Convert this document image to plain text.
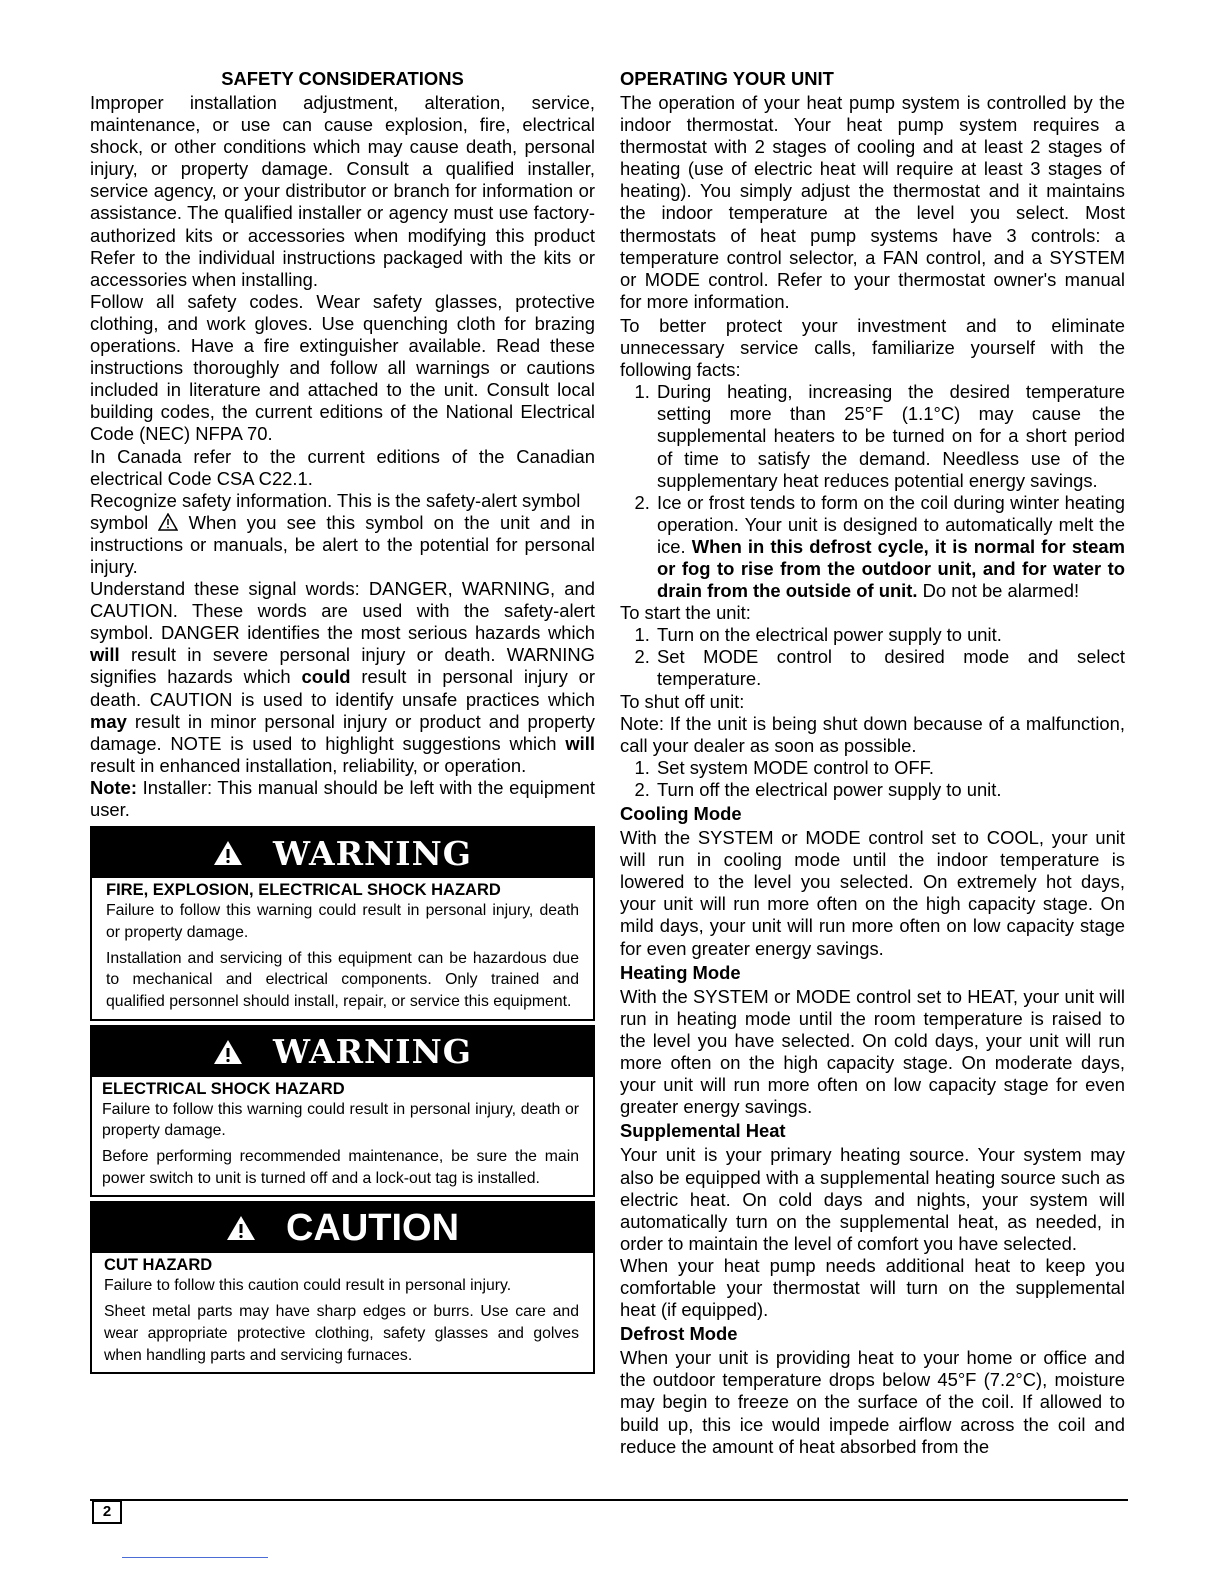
SAFETY CONSIDERATIONS

Improper installation adjustment, alteration, service, maintenance, or use can cause explosion, fire, electrical shock, or other conditions which may cause death, personal injury, or property damage. Consult a qualified installer, service agency, or your distributor or branch for information or assistance. The qualified installer or agency must use factory-authorized kits or accessories when modifying this product Refer to the individual instructions packaged with the kits or accessories when installing.

Follow all safety codes. Wear safety glasses, protective clothing, and work gloves. Use quenching cloth for brazing operations. Have a fire extinguisher available. Read these instructions thoroughly and follow all warnings or cautions included in literature and attached to the unit. Consult local building codes, the current editions of the National Electrical Code (NEC) NFPA 70.

In Canada refer to the current editions of the Canadian electrical Code CSA C22.1.

Recognize safety information. This is the safety-alert symbol

symbol  When you see this symbol on the unit and in instructions or manuals, be alert to the potential for personal injury.

Understand these signal words: DANGER, WARNING, and CAUTION. These words are used with the safety-alert symbol. DANGER identifies the most serious hazards which will result in severe personal injury or death. WARNING signifies hazards which could result in personal injury or death. CAUTION is used to identify unsafe practices which may result in minor personal injury or product and property damage. NOTE is used to highlight suggestions which will result in enhanced installation, reliability, or operation.

Note: Installer: This manual should be left with the equipment user.

WARNING

FIRE, EXPLOSION, ELECTRICAL SHOCK HAZARD

Failure to follow this warning could result in personal injury, death or property damage.

Installation and servicing of this equipment can be hazardous due to mechanical and electrical components. Only trained and qualified personnel should install, repair, or service this equipment.

WARNING

ELECTRICAL SHOCK HAZARD

Failure to follow this warning could result in personal injury, death or property damage.

Before performing recommended maintenance, be sure the main power switch to unit is turned off and a lock-out tag is installed.

CAUTION

CUT HAZARD

Failure to follow this caution could result in personal injury.

Sheet metal parts may have sharp edges or burrs. Use care and wear appropriate protective clothing, safety glasses and golves when handling parts and servicing furnaces.

OPERATING YOUR UNIT

The operation of your heat pump system is controlled by the indoor thermostat. Your heat pump system requires a thermostat with 2 stages of cooling and at least 2 stages of heating (use of electric heat will require at least 3 stages of heating). You simply adjust the thermostat and it maintains the indoor temperature at the level you select. Most thermostats of heat pump systems have 3 controls: a temperature control selector, a FAN control, and a SYSTEM or MODE control. Refer to your thermostat owner's manual for more information.

To better protect your investment and to eliminate unnecessary service calls, familiarize yourself with the following facts:

1. During heating, increasing the desired temperature setting more than 25°F (1.1°C) may cause the supplemental heaters to be turned on for a short period of time to satisfy the demand. Needless use of the supplementary heat reduces potential energy savings.
2. Ice or frost tends to form on the coil during winter heating operation. Your unit is designed to automatically melt the ice. When in this defrost cycle, it is normal for steam or fog to rise from the outdoor unit, and for water to drain from the outside of unit. Do not be alarmed!

To start the unit:

1. Turn on the electrical power supply to unit.
2. Set MODE control to desired mode and select temperature.

To shut off unit:

Note: If the unit is being shut down because of a malfunction, call your dealer as soon as possible.

1. Set system MODE control to OFF.
2. Turn off the electrical power supply to unit.

Cooling Mode

With the SYSTEM or MODE control set to COOL, your unit will run in cooling mode until the indoor temperature is lowered to the level you selected. On extremely hot days, your unit will run more often on the high capacity stage. On mild days, your unit will run more often on low capacity stage for even greater energy savings.

Heating Mode

With the SYSTEM or MODE control set to HEAT, your unit will run in heating mode until the room temperature is raised to the level you have selected. On cold days, your unit will run more often on the high capacity stage. On moderate days, your unit will run more often on low capacity stage for even greater energy savings.

Supplemental Heat

Your unit is your primary heating source. Your system may also be equipped with a supplemental heating source such as electric heat. On cold days and nights, your system will automatically turn on the supplemental heat, as needed, in order to maintain the level of comfort you have selected.

When your heat pump needs additional heat to keep you comfortable your thermostat will turn on the supplemental heat (if equipped).

Defrost Mode

When your unit is providing heat to your home or office and the outdoor temperature drops below 45°F (7.2°C), moisture may begin to freeze on the surface of the coil. If allowed to build up, this ice would impede airflow across the coil and reduce the amount of heat absorbed from the

2
